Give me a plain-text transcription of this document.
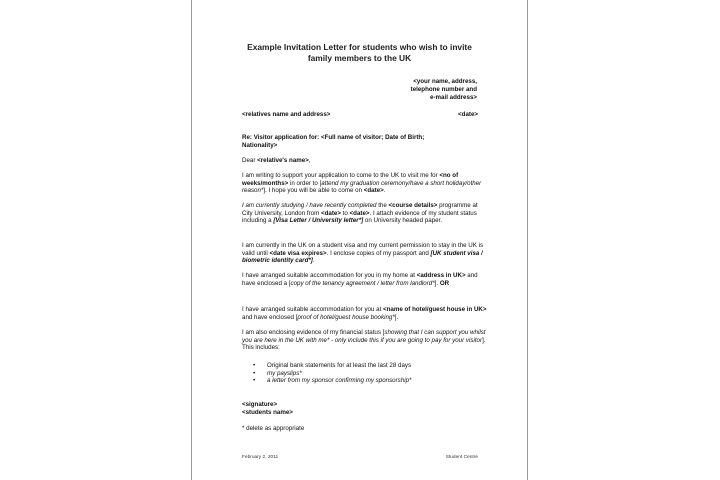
Example Invitation Letter for students who wish to invite
family members to the UK
<your name, address,
telephone number and
e-mail address>
<relatives name and address>	<date>
Re: Visitor application for: <Full name of visitor; Date of Birth;
Nationality>
Dear <relative's name>,
I am writing to support your application to come to the UK to visit me for <no of weeks/months> in order to [attend my graduation ceremony/have a short holiday/other reason*]. I hope you will be able to come on <date>.
I am currently studying / have recently completed the <course details> programme at City University, London from <date> to <date>. I attach evidence of my student status including a [Visa Letter / University letter*] on University headed paper.
I am currently in the UK on a student visa and my current permission to stay in the UK is valid until <date visa expires>. I enclose copies of my passport and [UK student visa / biometric identity card*].
I have arranged suitable accommodation for you in my home at <address in UK> and have enclosed a [copy of the tenancy agreement / letter from landlord*]. OR
I have arranged suitable accommodation for you at <name of hotel/guest house in UK> and have enclosed [proof of hotel/guest house booking*].
I am also enclosing evidence of my financial status [showing that I can support you whilst you are here in the UK with me* - only include this if you are going to pay for your visitor]. This includes:
• Original bank statements for at least the last 28 days
• my payslips*
• a letter from my sponsor confirming my sponsorship*
<signature>
<students name>
* delete as appropriate
February 2, 2011	Student Centre
